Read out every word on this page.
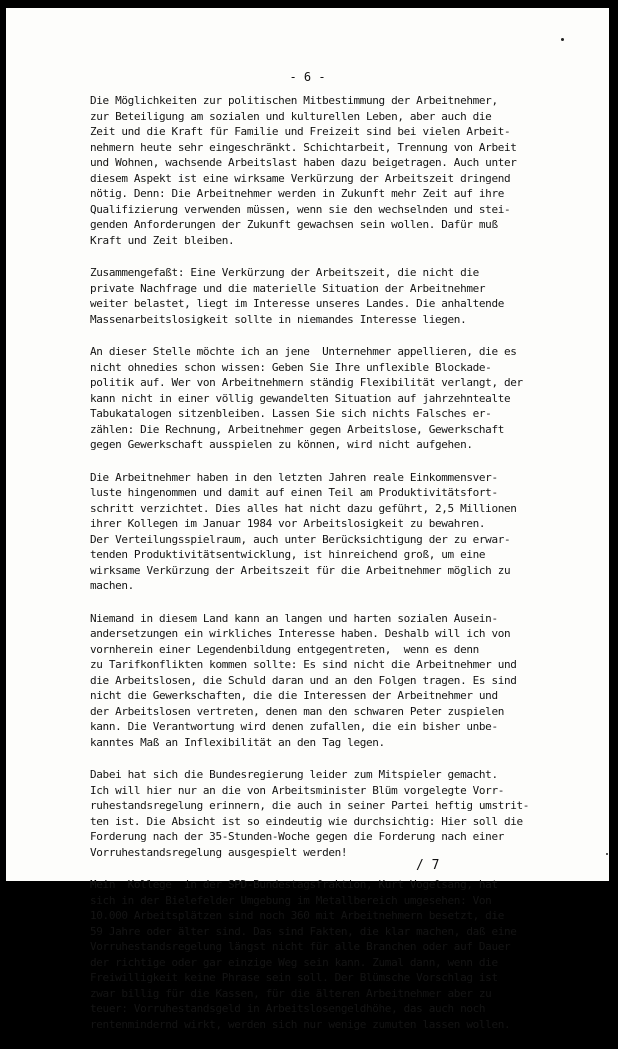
- 6 -
Die Möglichkeiten zur politischen Mitbestimmung der Arbeitnehmer,
zur Beteiligung am sozialen und kulturellen Leben, aber auch die
Zeit und die Kraft für Familie und Freizeit sind bei vielen Arbeit-
nehmern heute sehr eingeschränkt. Schichtarbeit, Trennung von Arbeit
und Wohnen, wachsende Arbeitslast haben dazu beigetragen. Auch unter
diesem Aspekt ist eine wirksame Verkürzung der Arbeitszeit dringend
nötig. Denn: Die Arbeitnehmer werden in Zukunft mehr Zeit auf ihre
Qualifizierung verwenden müssen, wenn sie den wechselnden und stei-
genden Anforderungen der Zukunft gewachsen sein wollen. Dafür muß
Kraft und Zeit bleiben.
Zusammengefaßt: Eine Verkürzung der Arbeitszeit, die nicht die
private Nachfrage und die materielle Situation der Arbeitnehmer
weiter belastet, liegt im Interesse unseres Landes. Die anhaltende
Massenarbeitslosigkeit sollte in niemandes Interesse liegen.
An dieser Stelle möchte ich an jene  Unternehmer appellieren, die es
nicht ohnedies schon wissen: Geben Sie Ihre unflexible Blockade-
politik auf. Wer von Arbeitnehmern ständig Flexibilität verlangt, der
kann nicht in einer völlig gewandelten Situation auf jahrzehntealte
Tabukatalogen sitzenbleiben. Lassen Sie sich nichts Falsches er-
zählen: Die Rechnung, Arbeitnehmer gegen Arbeitslose, Gewerkschaft
gegen Gewerkschaft ausspielen zu können, wird nicht aufgehen.
Die Arbeitnehmer haben in den letzten Jahren reale Einkommensver-
luste hingenommen und damit auf einen Teil am Produktivitätsfort-
schritt verzichtet. Dies alles hat nicht dazu geführt, 2,5 Millionen
ihrer Kollegen im Januar 1984 vor Arbeitslosigkeit zu bewahren.
Der Verteilungsspielraum, auch unter Berücksichtigung der zu erwar-
tenden Produktivitätsentwicklung, ist hinreichend groß, um eine
wirksame Verkürzung der Arbeitszeit für die Arbeitnehmer möglich zu
machen.
Niemand in diesem Land kann an langen und harten sozialen Ausein-
andersetzungen ein wirkliches Interesse haben. Deshalb will ich von
vornherein einer Legendenbildung entgegentreten,  wenn es denn
zu Tarifkonflikten kommen sollte: Es sind nicht die Arbeitnehmer und
die Arbeitslosen, die Schuld daran und an den Folgen tragen. Es sind
nicht die Gewerkschaften, die die Interessen der Arbeitnehmer und
der Arbeitslosen vertreten, denen man den schwaren Peter zuspielen
kann. Die Verantwortung wird denen zufallen, die ein bisher unbe-
kanntes Maß an Inflexibilität an den Tag legen.
Dabei hat sich die Bundesregierung leider zum Mitspieler gemacht.
Ich will hier nur an die von Arbeitsminister Blüm vorgelegte Vorr-
ruhestandsregelung erinnern, die auch in seiner Partei heftig umstrit-
ten ist. Die Absicht ist so eindeutig wie durchsichtig: Hier soll die
Forderung nach der 35-Stunden-Woche gegen die Forderung nach einer
Vorruhestandsregelung ausgespielt werden!
Mein  Kollege  in der SPD-Bundestagsfraktion, Kurt Vogelsang, hat
sich in der Bielefelder Umgebung im Metallbereich umgesehen: Von
10.000 Arbeitsplätzen sind noch 360 mit Arbeitnehmern besetzt, die
59 Jahre oder älter sind. Das sind Fakten, die klar machen, daß eine
Vorruhestandsregelung längst nicht für alle Branchen oder auf Dauer
der richtige oder gar einzige Weg sein kann. Zumal dann, wenn die
Freiwilligkeit keine Phrase sein soll. Der Blümsche Vorschlag ist
zwar billig für die Kassen, für die älteren Arbeitnehmer aber zu
teuer: Vorruhestandsgeld in Arbeitslosengeldhöhe, das auch noch
rentenmindernd wirkt, werden sich nur wenige zumuten lassen wollen.
/ 7
